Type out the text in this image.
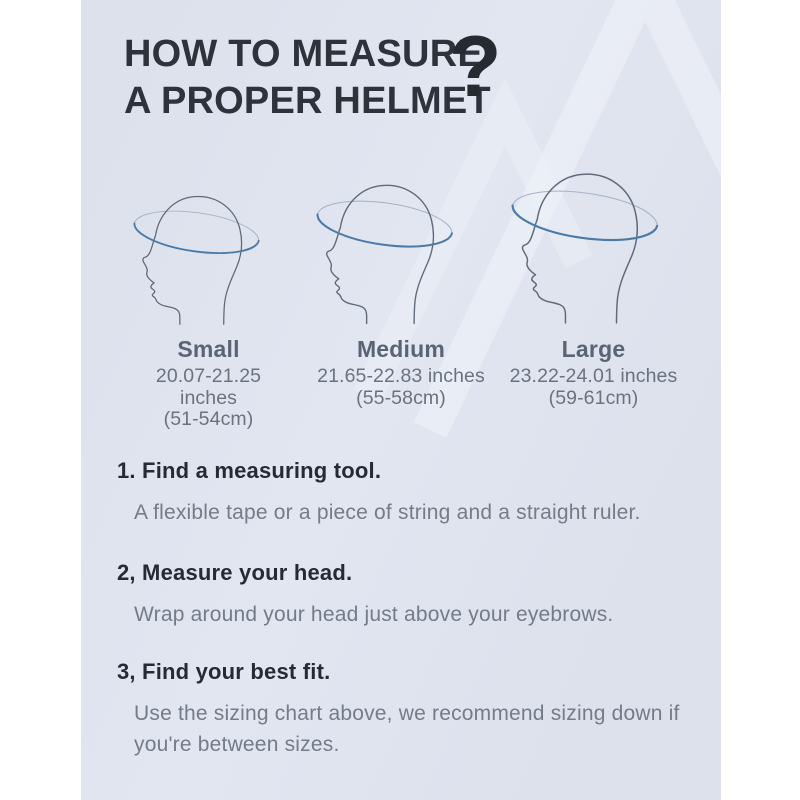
HOW TO MEASURE
A PROPER HELMET
?
Small
20.07-21.25 inches
(51-54cm)
Medium
21.65-22.83 inches
(55-58cm)
Large
23.22-24.01 inches
(59-61cm)
1. Find a measuring tool.
A flexible tape or a piece of string and a straight ruler.
2, Measure your head.
Wrap around your head just above your eyebrows.
3, Find your best fit.
Use the sizing chart above, we recommend sizing down if you're between sizes.
